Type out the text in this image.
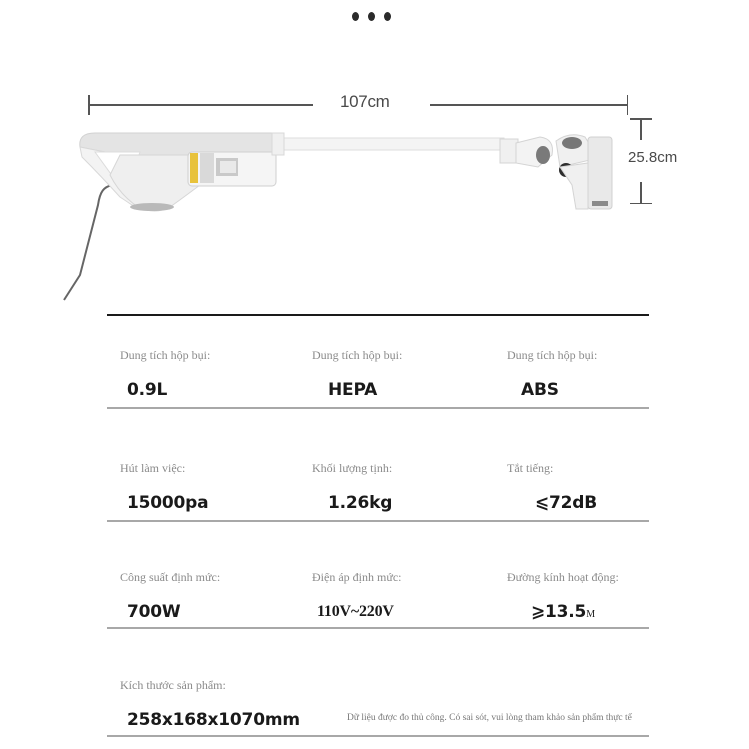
107cm
25.8cm
Dung tích hộp bụi:
0.9L
Dung tích hộp bụi:
HEPA
Dung tích hộp bụi:
ABS
Hút làm việc:
15000pa
Khối lượng tịnh:
1.26kg
Tắt tiếng:
⩽72dB
Công suất định mức:
700W
Điện áp định mức:
110V~220V
Đường kính hoạt động:
⩾13.5M
Kích thước sản phẩm:
258x168x1070mm	Dữ liệu được đo thủ công. Có sai sót, vui lòng tham khảo sản phẩm thực tế
